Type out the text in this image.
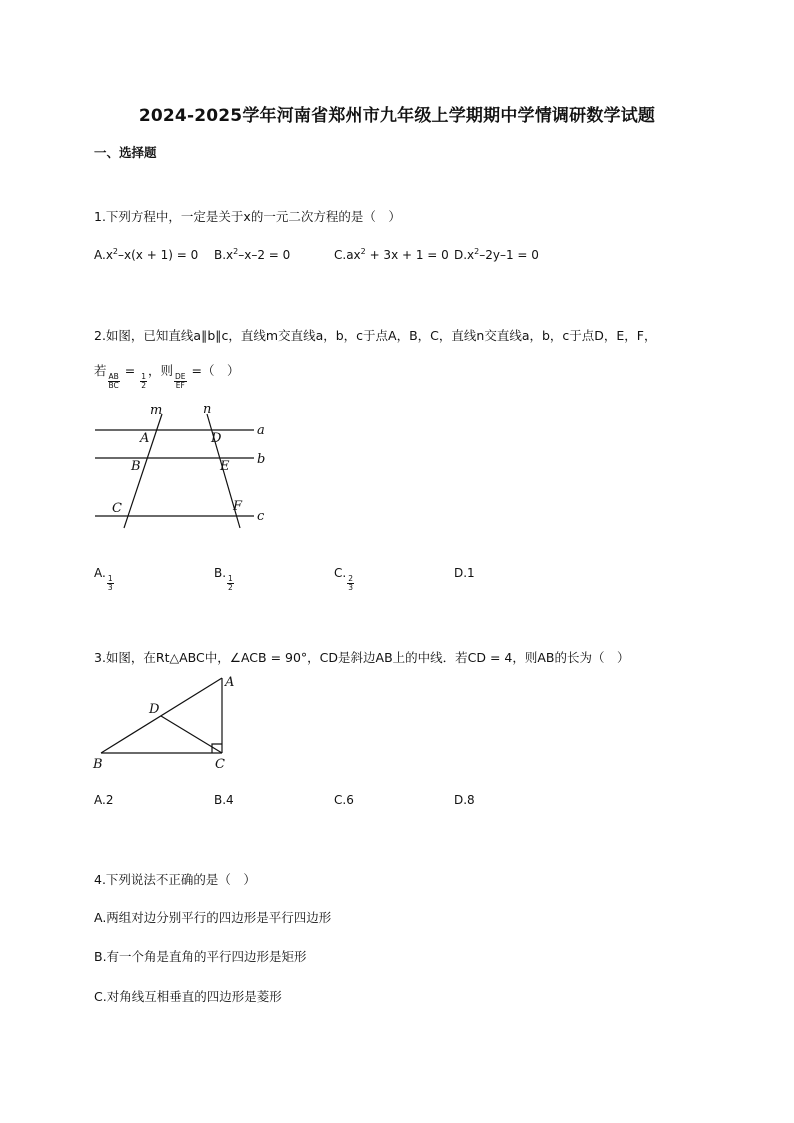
2024-2025学年河南省郑州市九年级上学期期中学情调研数学试题
一、选择题
1.下列方程中，一定是关于x的一元二次方程的是（　）
$A.x^2-x(x + 1) = 0$ $B.x^2-x-2 = 0$	$C.ax^2 + 3x + 1 = 0$ $D.x^2-2y-1 = 0$
2.如图，已知直线a∥b∥c，直线m交直线a，b，c于点A，B，C，直线n交直线a，b，c于点D，E，F，
若
$\frac{AB}{BC}$
=
$\frac{1}{2}$
，则
$\frac{DE}{EF}$
=（　）
m	n
A
B
C
D
E
F
a
b
c
A.
$\frac{1}{3}$
B.
$\frac{1}{2}$
C.
$\frac{2}{3}$
D.1
3.如图，在Rt△ABC中，∠ACB = 90°，CD是斜边AB上的中线．若CD = 4，则AB的长为（　）
A
B	C
D
A.2	B.4	C.6	D.8
4.下列说法不正确的是（　）
A.两组对边分别平行的四边形是平行四边形
B.有一个角是直角的平行四边形是矩形
C.对角线互相垂直的四边形是菱形
